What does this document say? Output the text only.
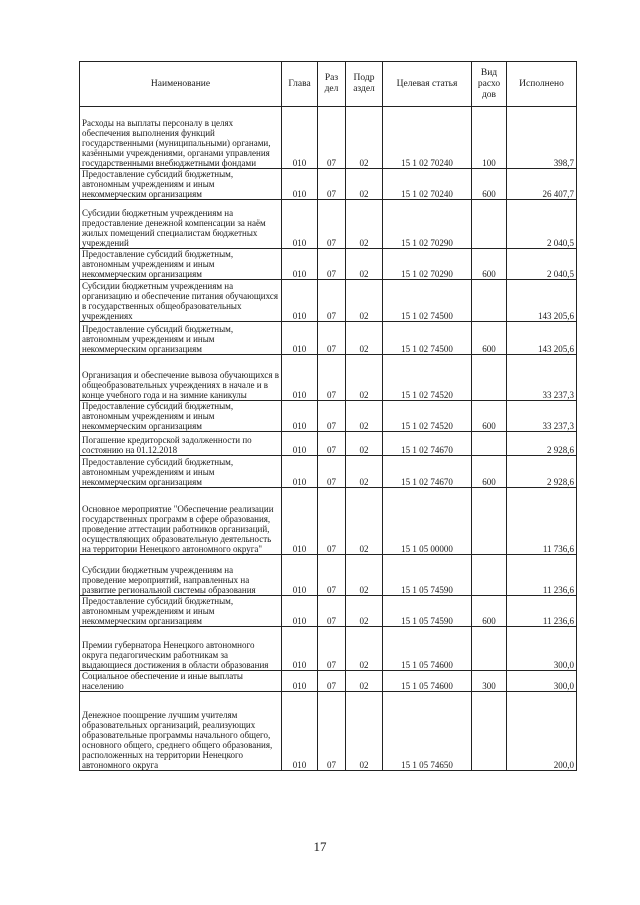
Наименование	Глава	Раз дел	Подр аздел	Целевая статья	Вид расхо дов	Исполнено
Расходы на выплаты персоналу в целях обеспечения выполнения функций государственными (муниципальными) органами, казёнными учреждениями, органами управления государственными внебюджетными фондами	010	07	02	15 1 02 70240	100	398,7
Предоставление субсидий бюджетным, автономным учреждениям и иным некоммерческим организациям	010	07	02	15 1 02 70240	600	26 407,7
Субсидии бюджетным учреждениям на предоставление денежной компенсации за наём жилых помещений специалистам бюджетных учреждений	010	07	02	15 1 02 70290		2 040,5
Предоставление субсидий бюджетным, автономным учреждениям и иным некоммерческим организациям	010	07	02	15 1 02 70290	600	2 040,5
Субсидии бюджетным учреждениям на организацию и обеспечение питания обучающихся в государственных общеобразовательных учреждениях	010	07	02	15 1 02 74500		143 205,6
Предоставление субсидий бюджетным, автономным учреждениям и иным некоммерческим организациям	010	07	02	15 1 02 74500	600	143 205,6
Организация и обеспечение вывоза обучающихся в общеобразовательных учреждениях в начале и в конце учебного года и на зимние каникулы	010	07	02	15 1 02 74520		33 237,3
Предоставление субсидий бюджетным, автономным учреждениям и иным некоммерческим организациям	010	07	02	15 1 02 74520	600	33 237,3
Погашение кредиторской задолженности по состоянию на 01.12.2018	010	07	02	15 1 02 74670		2 928,6
Предоставление субсидий бюджетным, автономным учреждениям и иным некоммерческим организациям	010	07	02	15 1 02 74670	600	2 928,6
Основное мероприятие "Обеспечение реализации государственных программ в сфере образования, проведение аттестации работников организаций, осуществляющих образовательную деятельность на территории Ненецкого автономного округа"	010	07	02	15 1 05 00000		11 736,6
Субсидии бюджетным учреждениям на проведение мероприятий, направленных на развитие региональной системы образования	010	07	02	15 1 05 74590		11 236,6
Предоставление субсидий бюджетным, автономным учреждениям и иным некоммерческим организациям	010	07	02	15 1 05 74590	600	11 236,6
Премии губернатора Ненецкого автономного округа педагогическим работникам за выдающиеся достижения в области образования	010	07	02	15 1 05 74600		300,0
Социальное обеспечение и иные выплаты населению	010	07	02	15 1 05 74600	300	300,0
Денежное поощрение лучшим учителям образовательных организаций, реализующих образовательные программы начального общего, основного общего, среднего общего образования, расположенных на территории Ненецкого автономного округа	010	07	02	15 1 05 74650		200,0
17
